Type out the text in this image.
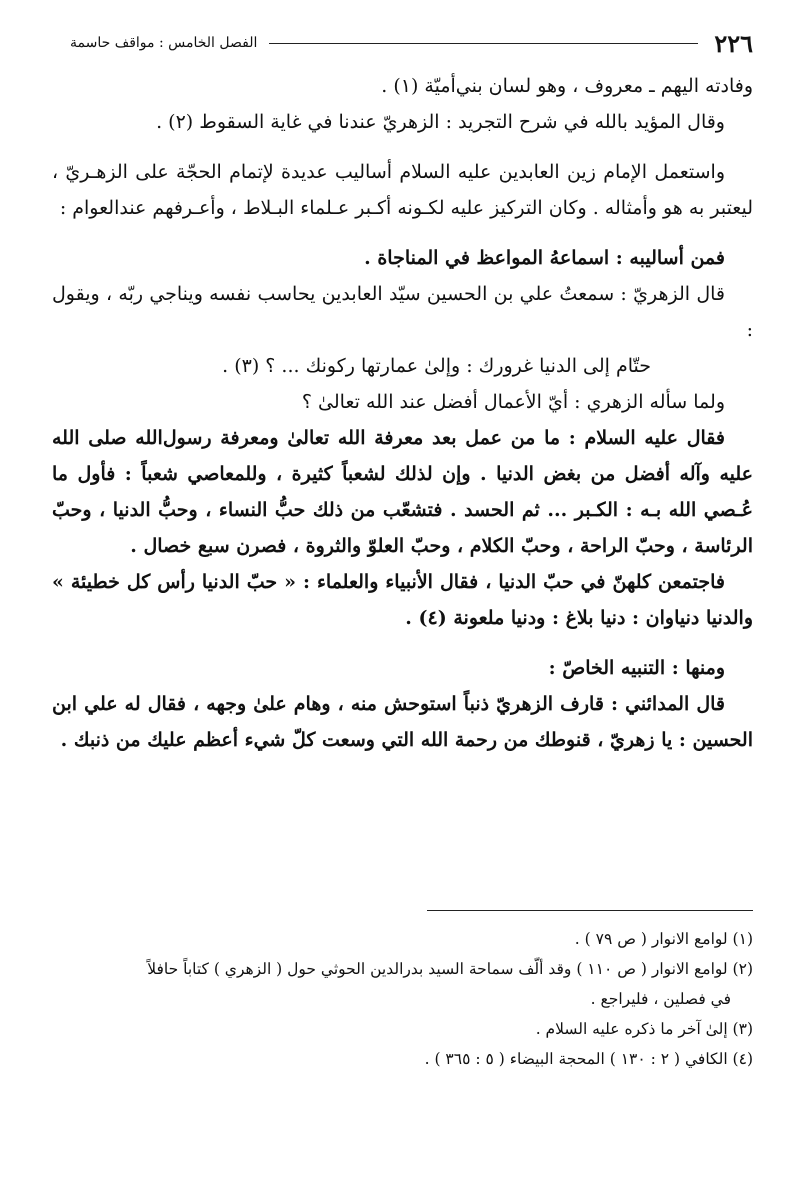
٢٢٦
الفصل الخامس : مواقف حاسمة
وفادته اليهم ـ معروف ، وهو لسان بني‌أميّة (١) .
وقال المؤيد بالله في شرح التجريد : الزهريّ عندنا في غاية السقوط (٢) .
واستعمل الإمام زين العابدين عليه السلام أساليب عديدة لإتمام الحجّة على الزهـريّ ، ليعتبر به هو وأمثاله . وكان التركيز عليه لكـونه أكـبر عـلماء البـلاط ، وأعـرفهم عندالعوام :
فمن أساليبه : اسماعهُ المواعظ في المناجاة .
قال الزهريّ : سمعتُ علي بن الحسين سيّد العابدين يحاسب نفسه ويناجي ربّه ، ويقول :
حتّام إلى الدنيا غرورك : وإلىٰ عمارتها ركونك ... ؟ (٣) .
ولما سأله الزهري : أيّ الأعمال أفضل عند الله تعالىٰ ؟
فقال عليه السلام : ما من عمل بعد معرفة الله تعالىٰ ومعرفة رسول‌الله صلى الله عليه وآله أفضل من بغض الدنيا . وإن لذلك لشعباً كثيرة ، وللمعاصي شعباً : فأول ما عُـصي الله بـه : الكـبر ... ثم الحسد . فتشعّب من ذلك حبُّ النساء ، وحبُّ الدنيا ، وحبّ الرئاسة ، وحبّ الراحة ، وحبّ الكلام ، وحبّ العلوّ والثروة ، فصرن سبع خصال .
فاجتمعن كلهنّ في حبّ الدنيا ، فقال الأنبياء والعلماء : « حبّ الدنيا رأس كل خطيئة » والدنيا دنياوان : دنيا بلاغ : ودنيا ملعونة (٤) .
ومنها : التنبيه الخاصّ :
قال المدائني : قارف الزهريّ ذنباً استوحش منه ، وهام علىٰ وجهه ، فقال له علي ابن الحسين : يا زهريّ ، قنوطك من رحمة الله التي وسعت كلّ شيء أعظم عليك من ذنبك .
(١) لوامع الانوار ( ص ٧٩ ) .
(٢) لوامع الانوار ( ص ١١٠ ) وقد ألّف سماحة السيد بدرالدين الحوثي حول ( الزهري ) كتاباً حافلاً
في فصلين ، فليراجع .
(٣) إلىٰ آخر ما ذكره عليه السلام .
(٤) الكافي ( ٢ : ١٣٠ ) المحجة البيضاء ( ٥ : ٣٦٥ ) .
